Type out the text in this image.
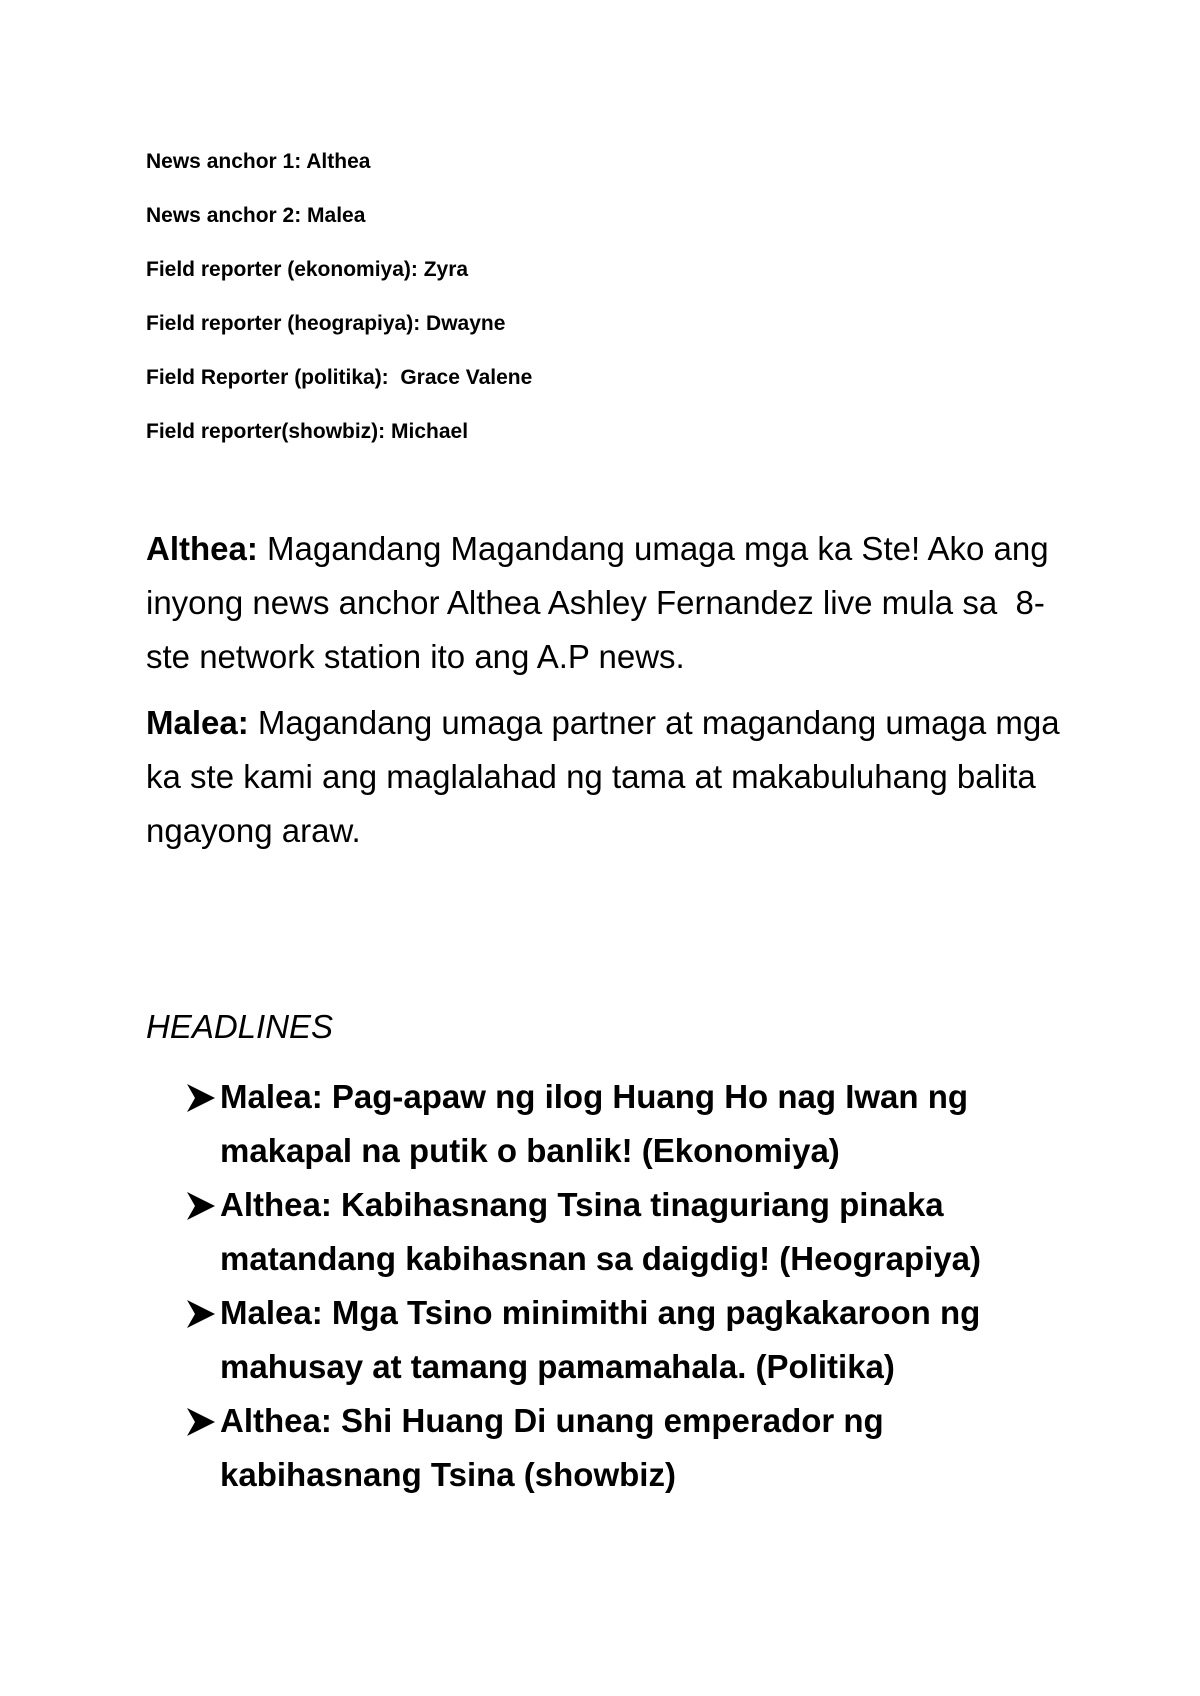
News anchor 1: Althea
News anchor 2: Malea
Field reporter (ekonomiya): Zyra
Field reporter (heograpiya): Dwayne
Field Reporter (politika):  Grace Valene
Field reporter(showbiz): Michael

Althea: Magandang Magandang umaga mga ka Ste! Ako ang inyong news anchor Althea Ashley Fernandez live mula sa  8-ste network station ito ang A.P news.

Malea: Magandang umaga partner at magandang umaga mga ka ste kami ang maglalahad ng tama at makabuluhang balita ngayong araw.

HEADLINES
Malea: Pag-apaw ng ilog Huang Ho nag Iwan ng makapal na putik o banlik! (Ekonomiya)
Althea: Kabihasnang Tsina tinaguriang pinaka matandang kabihasnan sa daigdig! (Heograpiya)
Malea: Mga Tsino minimithi ang pagkakaroon ng mahusay at tamang pamamahala. (Politika)
Althea: Shi Huang Di unang emperador ng kabihasnang Tsina (showbiz)
